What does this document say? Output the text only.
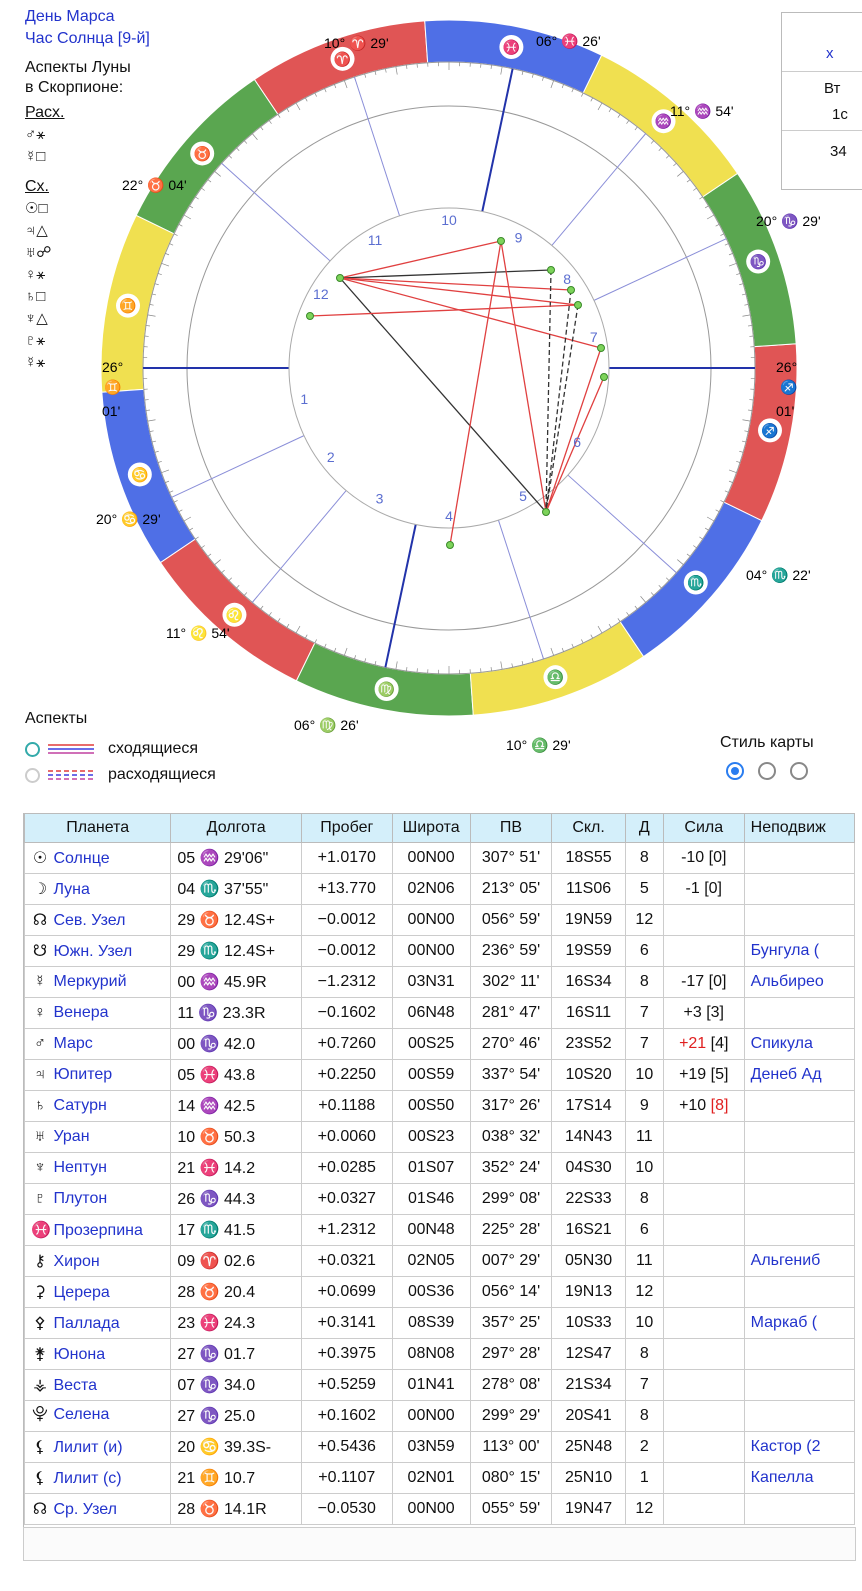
День Марса
Час Солнца [9-й]
Аспекты Луны
в Скорпионе:
Расх.
♂⚹
☿□
Сх.
☉□
♃△
♅☍
♀⚹
♄□
♆△
♇⚹
☿⚹
♈
♉
♊
♋
♌
♍
♎
♏
♐
♑
♒
♓
1
2
3
4
5
6
7
8
9
10
11
12
26°
♊
01'
26°
♐
01'
10° ♈ 29'
10° ♎ 29'
06° ♓ 26'
11° ♒ 54'
20° ♑ 29'
04° ♏ 22'
06° ♍ 26'
11° ♌ 54'
20° ♋ 29'
22° ♉ 04'
х
Вт
1с
34
Аспекты
сходящиеся
расходящиеся
Стиль карты
Планета	Долгота	Пробег	Широта	ПВ	Скл.	Д	Сила	Неподвиж
☉ Солнце	05 ♒ 29'06"	+1.0170	00N00	307° 51'	18S55	8	-10 [0]	
☽ Луна	04 ♏ 37'55"	+13.770	02N06	213° 05'	11S06	5	-1 [0]	
☊ Сев. Узел	29 ♉ 12.4S+	−0.0012	00N00	056° 59'	19N59	12		
☋ Южн. Узел	29 ♏ 12.4S+	−0.0012	00N00	236° 59'	19S59	6		Бунгула (
☿ Меркурий	00 ♒ 45.9R	−1.2312	03N31	302° 11'	16S34	8	-17 [0]	Альбирео
♀ Венера	11 ♑ 23.3R	−0.1602	06N48	281° 47'	16S11	7	+3 [3]	
♂ Марс	00 ♑ 42.0	+0.7260	00S25	270° 46'	23S52	7	+21 [4]	Спикула
♃ Юпитер	05 ♓ 43.8	+0.2250	00S59	337° 54'	10S20	10	+19 [5]	Денеб Ад
♄ Сатурн	14 ♒ 42.5	+0.1188	00S50	317° 26'	17S14	9	+10 [8]	
♅ Уран	10 ♉ 50.3	+0.0060	00S23	038° 32'	14N43	11		
♆ Нептун	21 ♓ 14.2	+0.0285	01S07	352° 24'	04S30	10		
♇ Плутон	26 ♑ 44.3	+0.0327	01S46	299° 08'	22S33	8		
♓ Прозерпина	17 ♏ 41.5	+1.2312	00N48	225° 28'	16S21	6		
⚷ Хирон	09 ♈ 02.6	+0.0321	02N05	007° 29'	05N30	11		Альгениб
⚳ Церера	28 ♉ 20.4	+0.0699	00S36	056° 14'	19N13	12		
⚴ Паллада	23 ♓ 24.3	+0.3141	08S39	357° 25'	10S33	10		Маркаб (
⚵ Юнона	27 ♑ 01.7	+0.3975	08N08	297° 28'	12S47	8		
⚶ Веста	07 ♑ 34.0	+0.5259	01N41	278° 08'	21S34	7		
⯓ Селена	27 ♑ 25.0	+0.1602	00N00	299° 29'	20S41	8		
⚸ Лилит (и)	20 ♋ 39.3S-	+0.5436	03N59	113° 00'	25N48	2		Кастор (2
⚸ Лилит (с)	21 ♊ 10.7	+0.1107	02N01	080° 15'	25N10	1		Капелла
☊ Ср. Узел	28 ♉ 14.1R	−0.0530	00N00	055° 59'	19N47	12		
